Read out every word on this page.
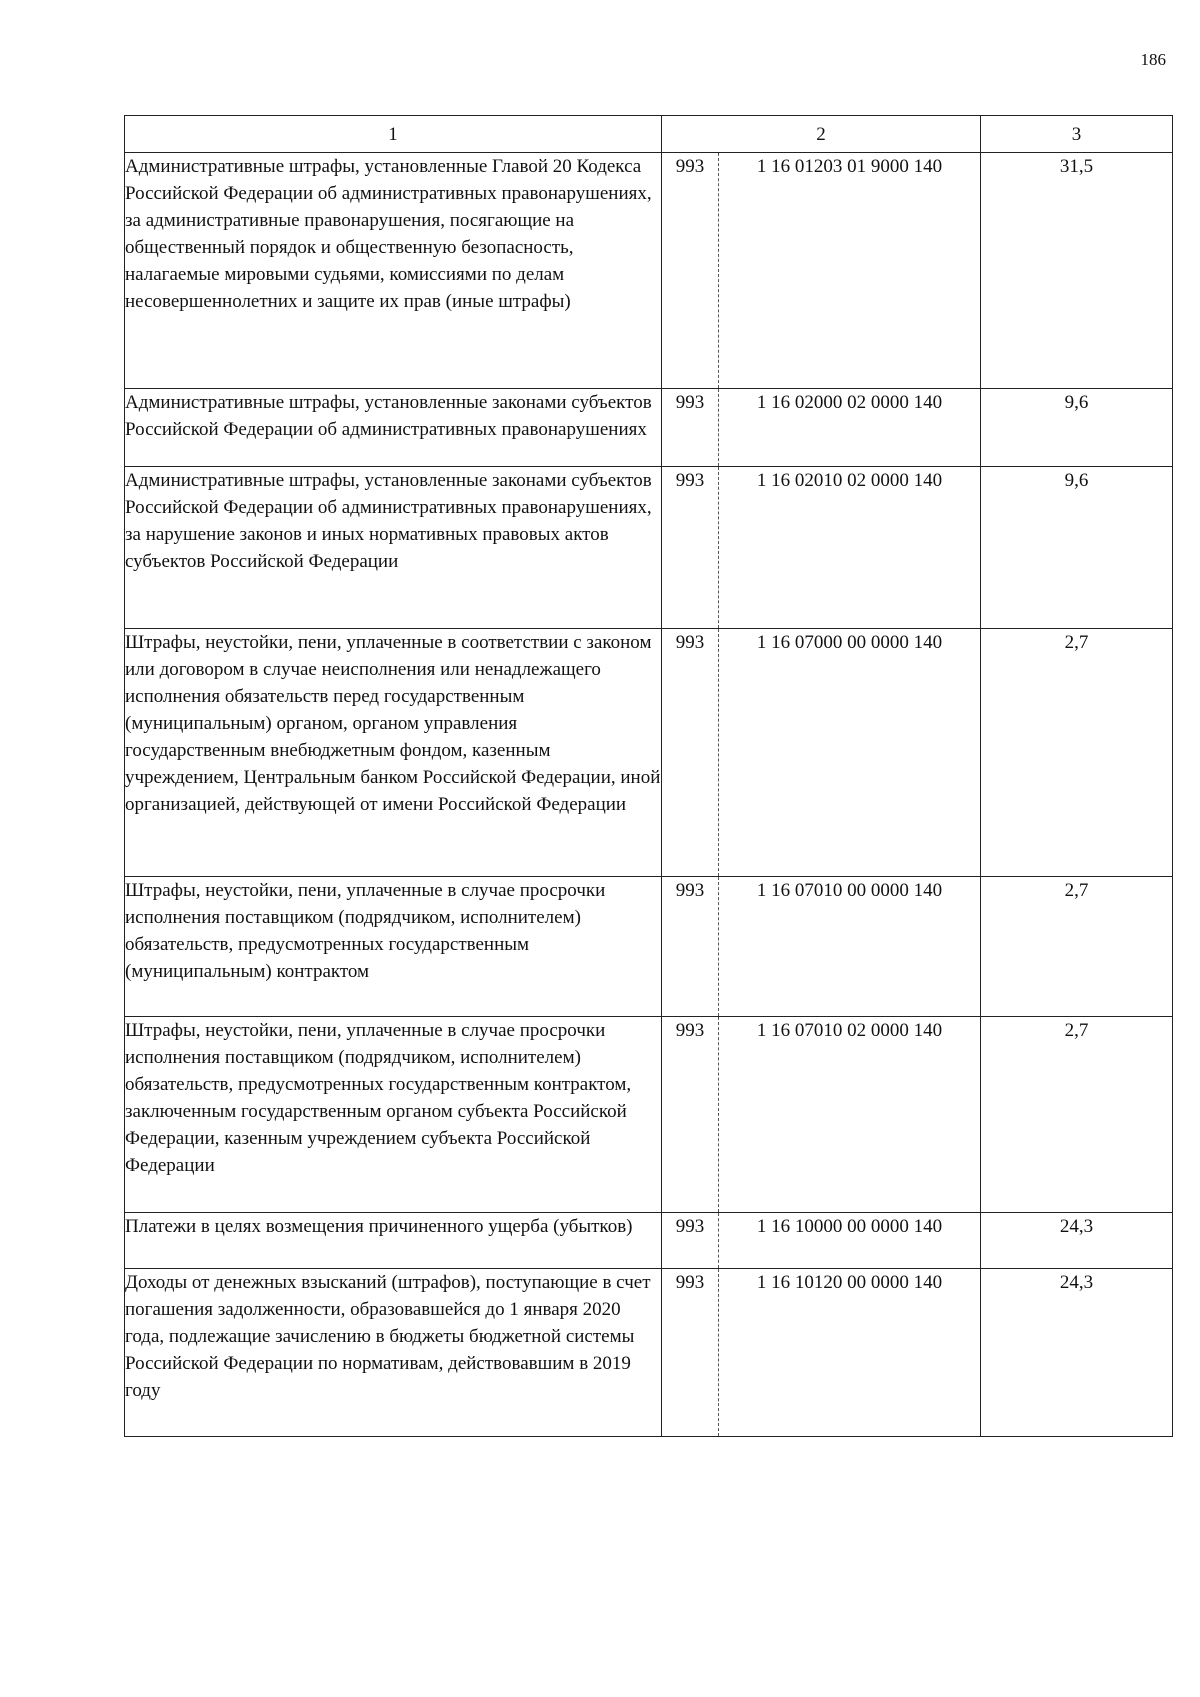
186
1	2		3
Административные штрафы, установленные Главой 20 Кодекса Российской Федерации об административных правонарушениях, за административные правонарушения, посягающие на общественный порядок и общественную безопасность, налагаемые мировыми судьями, комиссиями по делам несовершеннолетних и защите их прав (иные штрафы)	993	1 16 01203 01 9000 140	31,5
Административные штрафы, установленные законами субъектов Российской Федерации об административных правонарушениях	993	1 16 02000 02 0000 140	9,6
Административные штрафы, установленные законами субъектов Российской Федерации об административных правонарушениях, за нарушение законов и иных нормативных правовых актов субъектов Российской Федерации	993	1 16 02010 02 0000 140	9,6
Штрафы, неустойки, пени, уплаченные в соответствии с законом или договором в случае неисполнения или ненадлежащего исполнения обязательств перед государственным (муниципальным) органом, органом управления государственным внебюджетным фондом, казенным учреждением, Центральным банком Российской Федерации, иной организацией, действующей от имени Российской Федерации	993	1 16 07000 00 0000 140	2,7
Штрафы, неустойки, пени, уплаченные в случае просрочки исполнения поставщиком (подрядчиком, исполнителем) обязательств, предусмотренных государственным (муниципальным) контрактом	993	1 16 07010 00 0000 140	2,7
Штрафы, неустойки, пени, уплаченные в случае просрочки исполнения поставщиком (подрядчиком, исполнителем) обязательств, предусмотренных государственным контрактом, заключенным государственным органом субъекта Российской Федерации, казенным учреждением субъекта Российской Федерации	993	1 16 07010 02 0000 140	2,7
Платежи в целях возмещения причиненного ущерба (убытков)	993	1 16 10000 00 0000 140	24,3
Доходы от денежных взысканий (штрафов), поступающие в счет погашения задолженности, образовавшейся до 1 января 2020 года, подлежащие зачислению в бюджеты бюджетной системы Российской Федерации по нормативам, действовавшим в 2019 году	993	1 16 10120 00 0000 140	24,3
